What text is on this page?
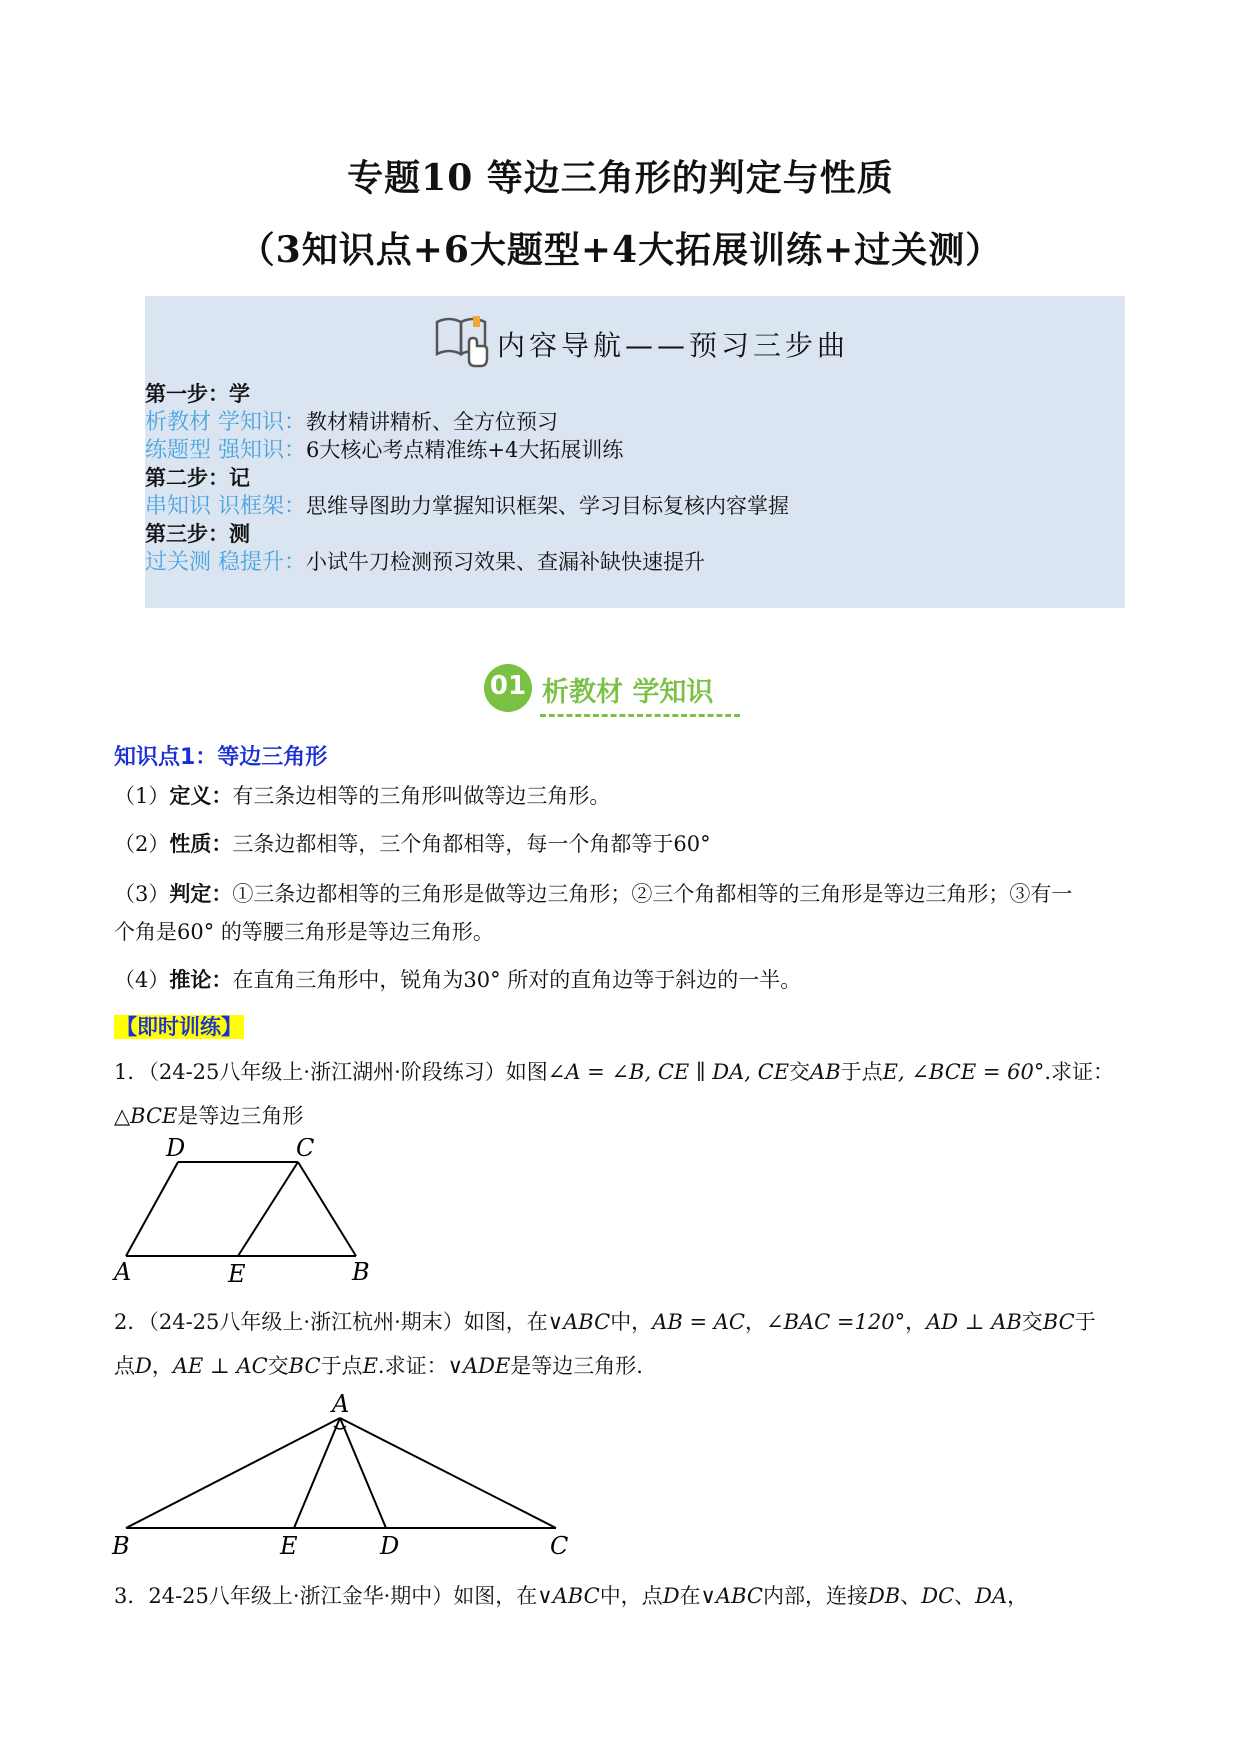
专题10 等边三角形的判定与性质
（3知识点+6大题型+4大拓展训练+过关测）
内容导航——预习三步曲
第一步：学
析教材 学知识：教材精讲精析、全方位预习
练题型 强知识：6大核心考点精准练+4大拓展训练
第二步：记
串知识 识框架：思维导图助力掌握知识框架、学习目标复核内容掌握
第三步：测
过关测 稳提升：小试牛刀检测预习效果、查漏补缺快速提升
01 析教材 学知识
知识点1：等边三角形
（1）定义：有三条边相等的三角形叫做等边三角形。
（2）性质：三条边都相等，三个角都相等，每一个角都等于60°
（3）判定：①三条边都相等的三角形是做等边三角形；②三个角都相等的三角形是等边三角形；③有一
个角是60° 的等腰三角形是等边三角形。
（4）推论：在直角三角形中，锐角为30° 所对的直角边等于斜边的一半。
【即时训练】
1．（24-25八年级上·浙江湖州·阶段练习）如图∠A = ∠B, CE ∥ DA, CE交AB于点E, ∠BCE = 60°.求证：
△BCE是等边三角形
D	C
A	E	B
2．（24-25八年级上·浙江杭州·期末）如图，在∨ABC中，AB = AC，∠BAC =120°，AD ⊥ AB交BC于
点D，AE ⊥ AC交BC于点E.求证：∨ADE是等边三角形.
A
B	E	D	C
3．24-25八年级上·浙江金华·期中）如图，在∨ABC中，点D在∨ABC内部，连接DB、DC、DA，
